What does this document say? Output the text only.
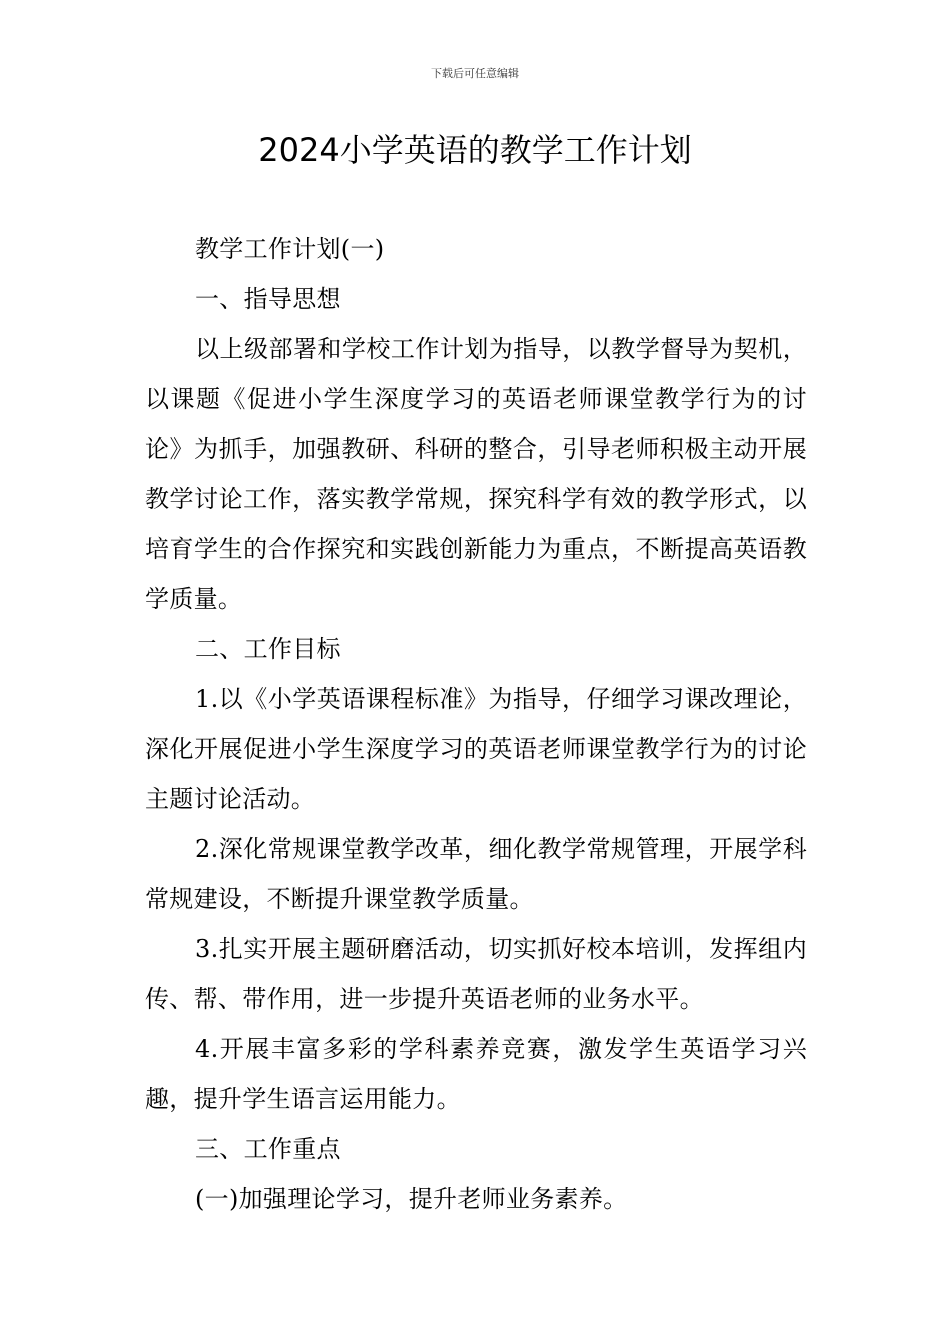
下载后可任意编辑
2024小学英语的教学工作计划

教学工作计划(一)

一、指导思想

以上级部署和学校工作计划为指导，以教学督导为契机，以课题《促进小学生深度学习的英语老师课堂教学行为的讨论》为抓手，加强教研、科研的整合，引导老师积极主动开展教学讨论工作，落实教学常规，探究科学有效的教学形式，以培育学生的合作探究和实践创新能力为重点，不断提高英语教学质量。

二、工作目标

1.以《小学英语课程标准》为指导，仔细学习课改理论，深化开展促进小学生深度学习的英语老师课堂教学行为的讨论主题讨论活动。

2.深化常规课堂教学改革，细化教学常规管理，开展学科常规建设，不断提升课堂教学质量。

3.扎实开展主题研磨活动，切实抓好校本培训，发挥组内传、帮、带作用，进一步提升英语老师的业务水平。

4.开展丰富多彩的学科素养竞赛，激发学生英语学习兴趣，提升学生语言运用能力。

三、工作重点

(一)加强理论学习，提升老师业务素养。
